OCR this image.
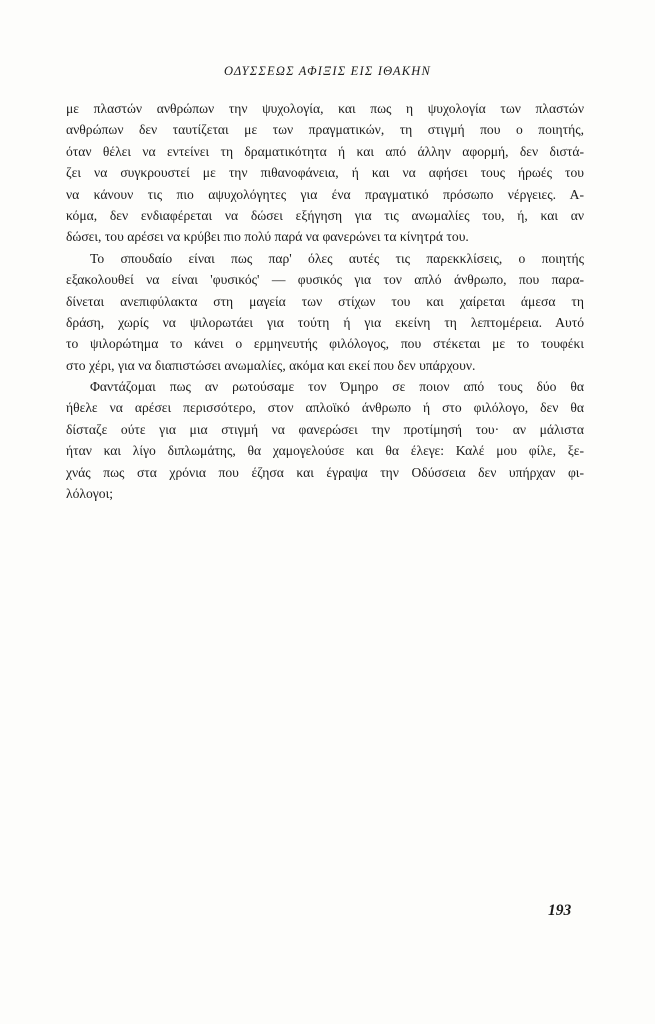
ΟΔΥΣΣΕΩΣ ΑΦΙΞΙΣ ΕΙΣ ΙΘΑΚΗΝ
με πλαστών ανθρώπων την ψυχολογία, και πως η ψυχολογία των πλαστών
ανθρώπων δεν ταυτίζεται με των πραγματικών, τη στιγμή που ο ποιητής,
όταν θέλει να εντείνει τη δραματικότητα ή και από άλλην αφορμή, δεν διστά-
ζει να συγκρουστεί με την πιθανοφάνεια, ή και να αφήσει τους ήρωές του
να κάνουν τις πιο αψυχολόγητες για ένα πραγματικό πρόσωπο νέργειες. Α-
κόμα, δεν ενδιαφέρεται να δώσει εξήγηση για τις ανωμαλίες του, ή, και αν
δώσει, του αρέσει να κρύβει πιο πολύ παρά να φανερώνει τα κίνητρά του.
Το σπουδαίο είναι πως παρ' όλες αυτές τις παρεκκλίσεις, ο ποιητής
εξακολουθεί να είναι 'φυσικός' — φυσικός για τον απλό άνθρωπο, που παρα-
δίνεται ανεπιφύλακτα στη μαγεία των στίχων του και χαίρεται άμεσα τη
δράση, χωρίς να ψιλορωτάει για τούτη ή για εκείνη τη λεπτομέρεια. Αυτό
το ψιλορώτημα το κάνει ο ερμηνευτής φιλόλογος, που στέκεται με το τουφέκι
στο χέρι, για να διαπιστώσει ανωμαλίες, ακόμα και εκεί που δεν υπάρχουν.
Φαντάζομαι πως αν ρωτούσαμε τον Όμηρο σε ποιον από τους δύο θα
ήθελε να αρέσει περισσότερο, στον απλοϊκό άνθρωπο ή στο φιλόλογο, δεν θα
δίσταζε ούτε για μια στιγμή να φανερώσει την προτίμησή του· αν μάλιστα
ήταν και λίγο διπλωμάτης, θα χαμογελούσε και θα έλεγε: Καλέ μου φίλε, ξε-
χνάς πως στα χρόνια που έζησα και έγραψα την Οδύσσεια δεν υπήρχαν φι-
λόλογοι;
193
